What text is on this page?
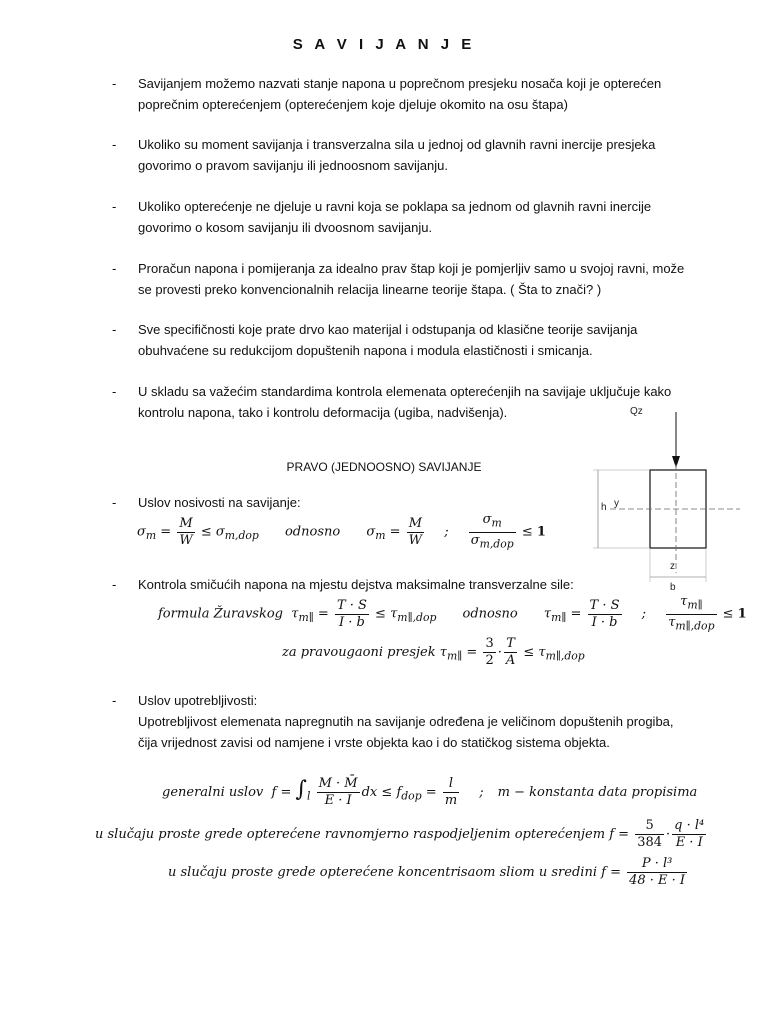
S A V I J A N J E
- Savijanjem možemo nazvati stanje napona u poprečnom presjeku nosača koji je opterećen
poprečnim opterećenjem (opterećenjem koje djeluje okomito na osu štapa)
- Ukoliko su moment savijanja i transverzalna sila u jednoj od glavnih ravni inercije presjeka
govorimo o pravom savijanju ili jednoosnom savijanju.
- Ukoliko opterećenje ne djeluje u ravni koja se poklapa sa jednom od glavnih ravni inercije
govorimo o kosom savijanju ili dvoosnom savijanju.
- Proračun napona i pomijeranja za idealno prav štap koji je pomjerljiv samo u svojoj ravni, može
se provesti preko konvencionalnih relacija linearne teorije štapa. ( Šta to znači? )
- Sve specifičnosti koje prate drvo kao materijal i odstupanja od klasične teorije savijanja
obuhvaćene su redukcijom dopuštenih napona i modula elastičnosti i smicanja.
- U skladu sa važećim standardima kontrola elemenata opterećenjih na savijaje uključuje kako
kontrolu napona, tako i kontrolu deformacija (ugiba, nadvišenja).	Qz
h y
z
b
PRAVO (JEDNOOSNO) SAVIJANJE
- Uslov nosivosti na savijanje:
$\sigma_m = \frac{M}{W} \le \sigma_{m,dop}$ odnosno $\sigma_m = \frac{M}{W}$ ; $\frac{\sigma_m}{\sigma_{m,dop}} \le 1$
- Kontrola smičućih napona na mjestu dejstva maksimalne transverzalne sile:
formula Žuravskog $\tau_{m\parallel} = \frac{T \cdot S}{I \cdot b} \le \tau_{m\parallel,dop}$ odnosno $\tau_{m\parallel} = \frac{T \cdot S}{I \cdot b}$ ; $\frac{\tau_{m\parallel}}{\tau_{m\parallel,dop}} \le 1$
za pravougaoni presjek $\tau_{m\parallel} = \frac{3}{2} \cdot \frac{T}{A} \le \tau_{m\parallel,dop}$
- Uslov upotrebljivosti:
Upotrebljivost elemenata napregnutih na savijanje određena je veličinom dopuštenih progiba,
čija vrijednost zavisi od namjene i vrste objekta kao i do statičkog sistema objekta.
generalni uslov $f = \int_l \frac{M \cdot M̄}{E \cdot I}$ dx ≤ $f_{dop} = \frac{l}{m}$ ; m − konstanta data propisima
u slučaju proste grede opterećene ravnomjerno raspodjeljenim opterećenjem $f = \frac{5}{384} \cdot \frac{\text{q · l⁴}}{E \cdot I}$
u slučaju proste grede opterećene koncentrisaom sliom u sredini $f = \frac{\text{P · l³}}{48 \cdot E \cdot I}$
